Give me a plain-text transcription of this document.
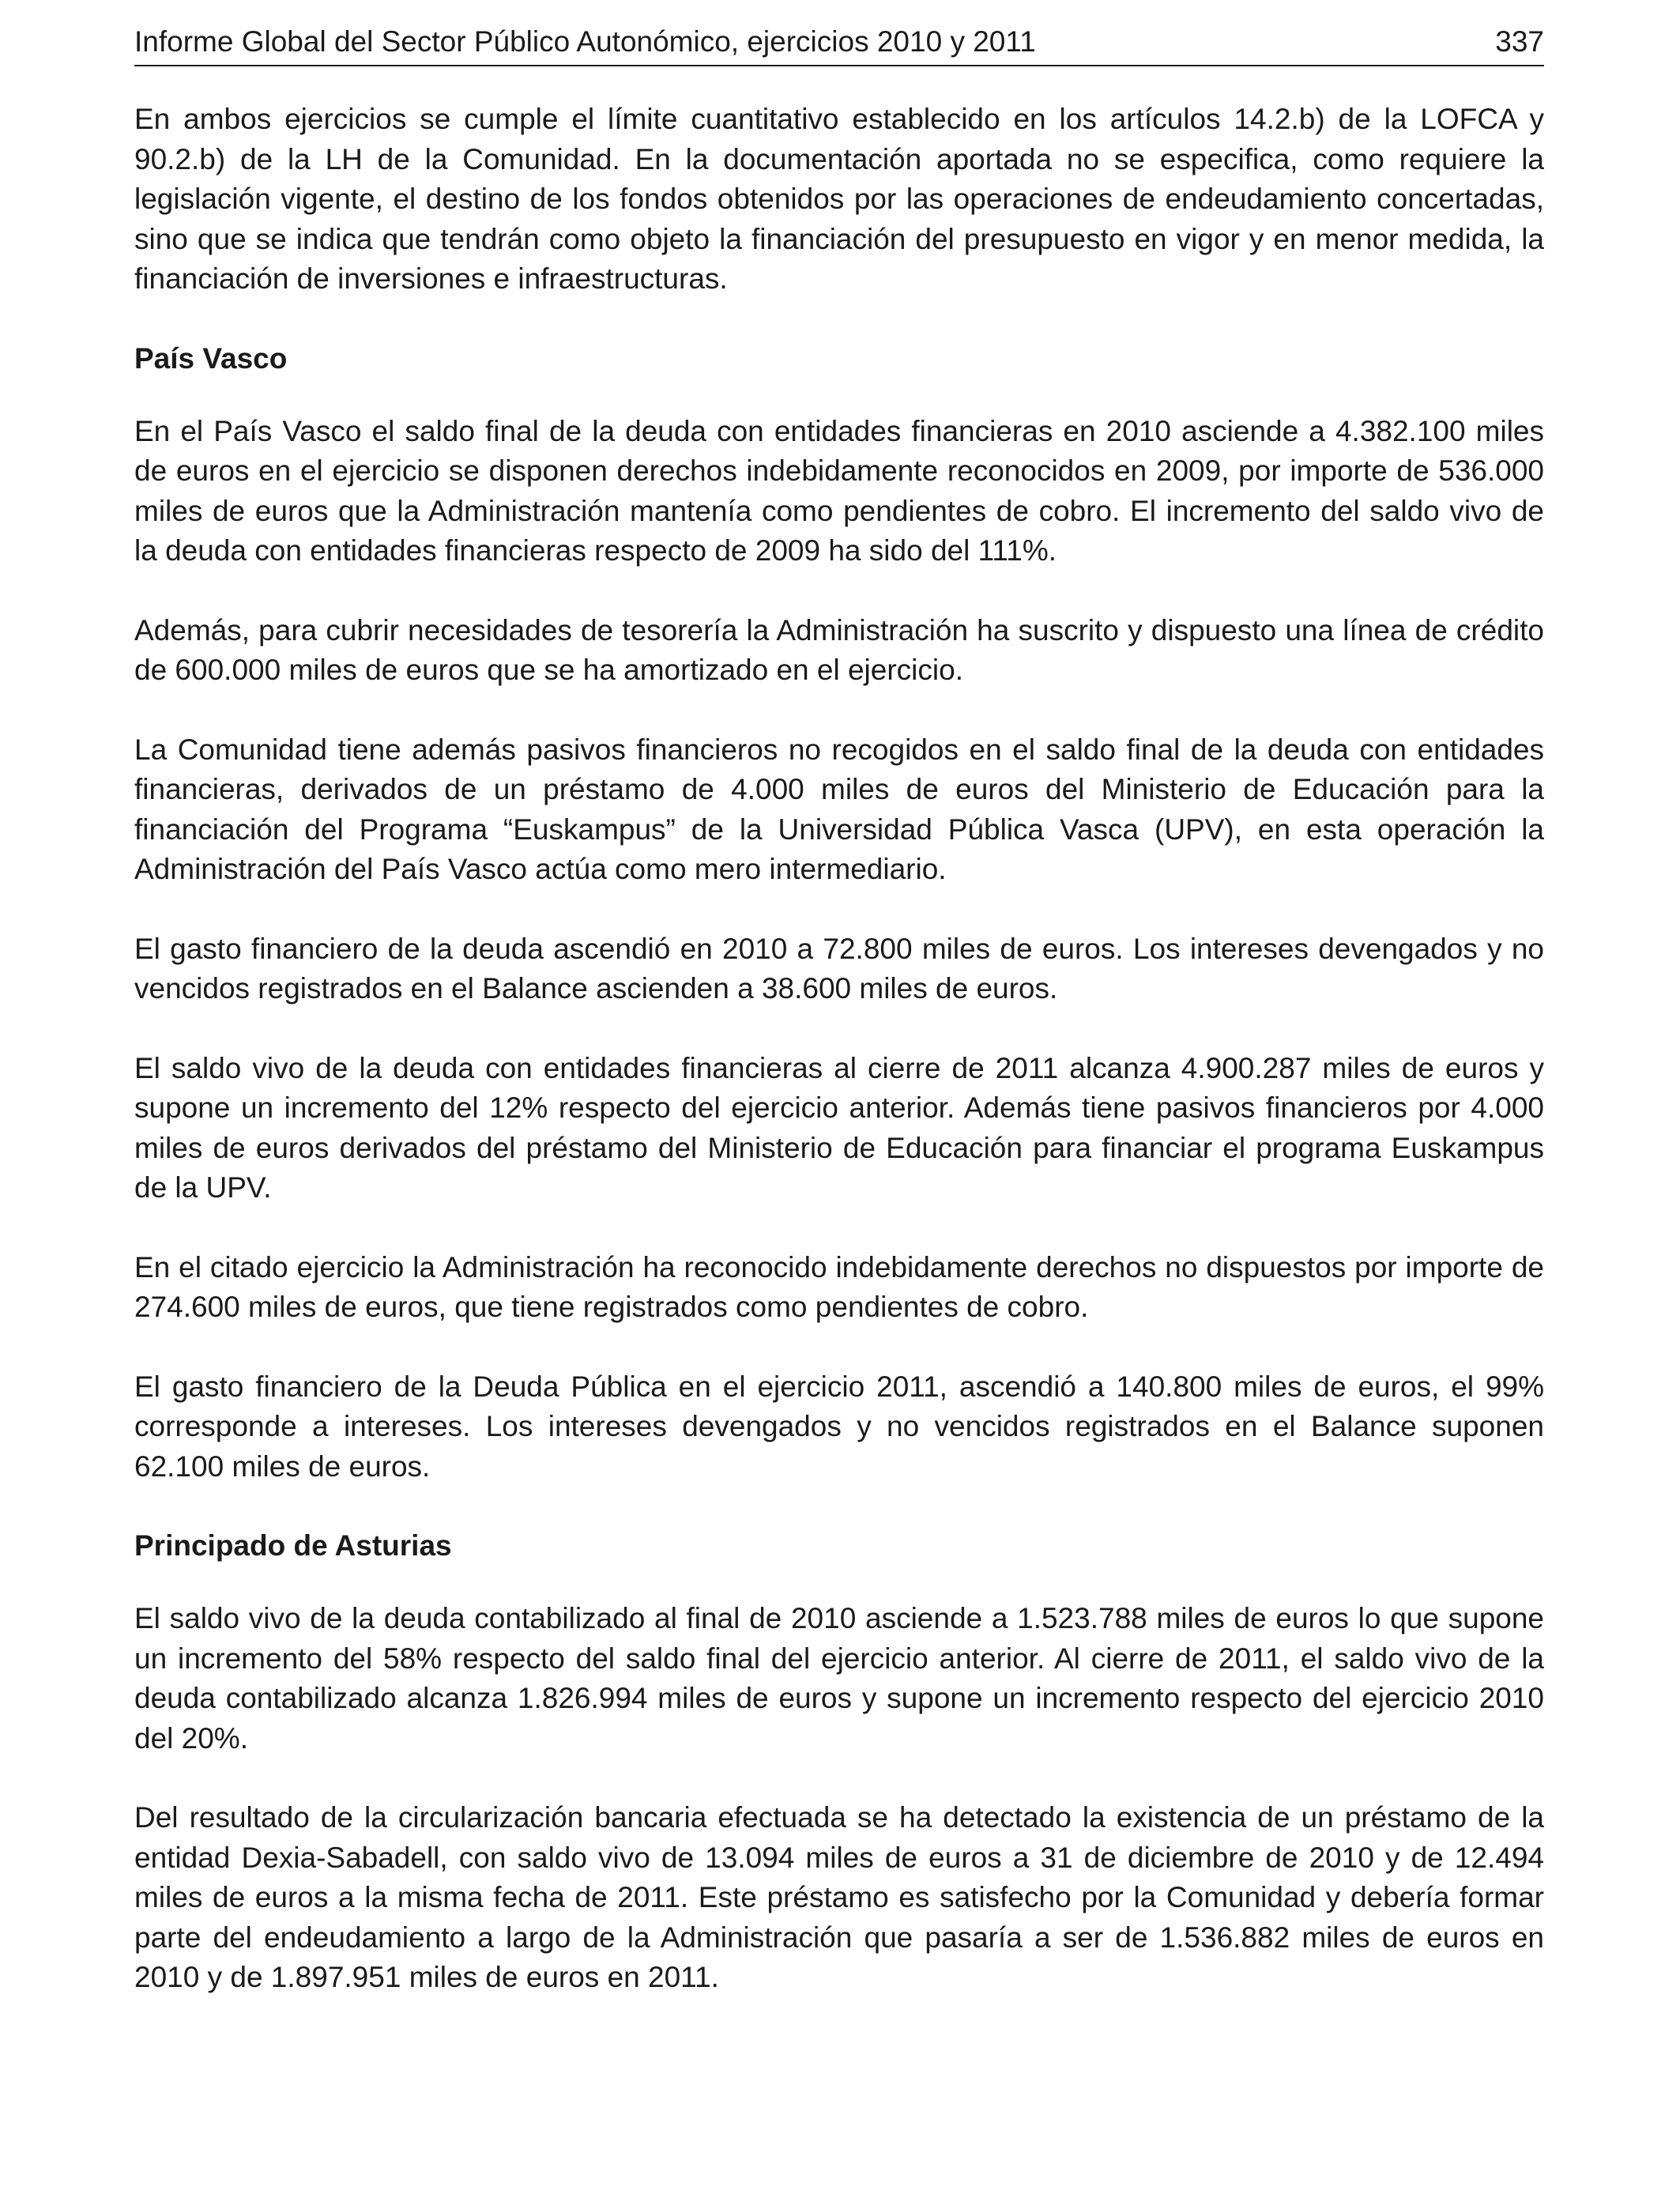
Informe Global del Sector Público Autonómico, ejercicios 2010 y 2011	337

En ambos ejercicios se cumple el límite cuantitativo establecido en los artículos 14.2.b) de la LOFCA y 90.2.b) de la LH de la Comunidad. En la documentación aportada no se especifica, como requiere la legislación vigente, el destino de los fondos obtenidos por las operaciones de endeudamiento concertadas, sino que se indica que tendrán como objeto la financiación del presupuesto en vigor y en menor medida, la financiación de inversiones e infraestructuras.

País Vasco

En el País Vasco el saldo final de la deuda con entidades financieras en 2010 asciende a 4.382.100 miles de euros en el ejercicio se disponen derechos indebidamente reconocidos en 2009, por importe de 536.000 miles de euros que la Administración mantenía como pendientes de cobro. El incremento del saldo vivo de la deuda con entidades financieras respecto de 2009 ha sido del 111%.

Además, para cubrir necesidades de tesorería la Administración ha suscrito y dispuesto una línea de crédito de 600.000 miles de euros que se ha amortizado en el ejercicio.

La Comunidad tiene además pasivos financieros no recogidos en el saldo final de la deuda con entidades financieras, derivados de un préstamo de 4.000 miles de euros del Ministerio de Educación para la financiación del Programa “Euskampus” de la Universidad Pública Vasca (UPV), en esta operación la Administración del País Vasco actúa como mero intermediario.

El gasto financiero de la deuda ascendió en 2010 a 72.800 miles de euros. Los intereses devengados y no vencidos registrados en el Balance ascienden a 38.600 miles de euros.

El saldo vivo de la deuda con entidades financieras al cierre de 2011 alcanza 4.900.287 miles de euros y supone un incremento del 12% respecto del ejercicio anterior. Además tiene pasivos financieros por 4.000 miles de euros derivados del préstamo del Ministerio de Educación para financiar el programa Euskampus de la UPV.

En el citado ejercicio la Administración ha reconocido indebidamente derechos no dispuestos por importe de 274.600 miles de euros, que tiene registrados como pendientes de cobro.

El gasto financiero de la Deuda Pública en el ejercicio 2011, ascendió a 140.800 miles de euros, el 99% corresponde a intereses. Los intereses devengados y no vencidos registrados en el Balance suponen 62.100 miles de euros.

Principado de Asturias

El saldo vivo de la deuda contabilizado al final de 2010 asciende a 1.523.788 miles de euros lo que supone un incremento del 58% respecto del saldo final del ejercicio anterior. Al cierre de 2011, el saldo vivo de la deuda contabilizado alcanza 1.826.994 miles de euros y supone un incremento respecto del ejercicio 2010 del 20%.

Del resultado de la circularización bancaria efectuada se ha detectado la existencia de un préstamo de la entidad Dexia-Sabadell, con saldo vivo de 13.094 miles de euros a 31 de diciembre de 2010 y de 12.494 miles de euros a la misma fecha de 2011. Este préstamo es satisfecho por la Comunidad y debería formar parte del endeudamiento a largo de la Administración que pasaría a ser de 1.536.882 miles de euros en 2010 y de 1.897.951 miles de euros en 2011.
